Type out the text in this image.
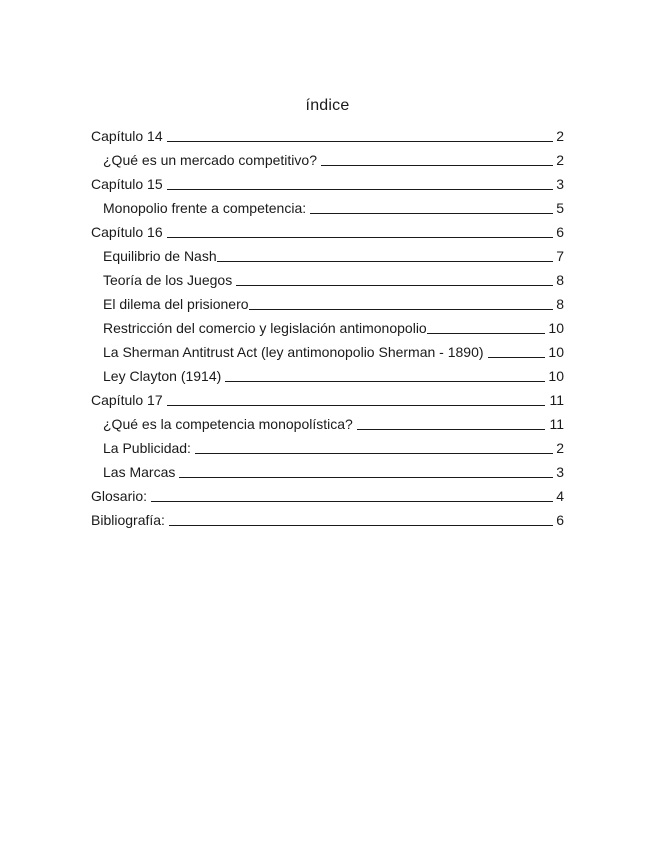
índice
Capítulo 14	2
¿Qué es un mercado competitivo?	2
Capítulo 15	3
Monopolio frente a competencia:	5
Capítulo 16	6
Equilibrio de Nash	7
Teoría de los Juegos	8
El dilema del prisionero	8
Restricción del comercio y legislación antimonopolio	10
La Sherman Antitrust Act (ley antimonopolio Sherman - 1890)	10
Ley Clayton (1914)	10
Capítulo 17	11
¿Qué es la competencia monopolística?	11
La Publicidad:	2
Las Marcas	3
Glosario:	4
Bibliografía:	6
